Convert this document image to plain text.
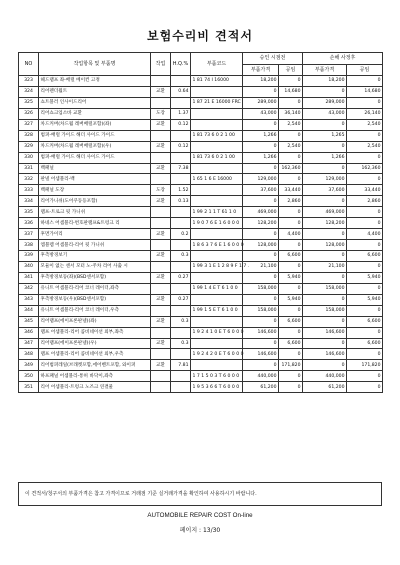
보험수리비 견적서
NO	작업항목 및 부품명	작업	H.Q.%	부품코드	승인 시점전		손해 사정후	
					부품가격	공임	부품가격	공임
323	헤드램프 좌-배럴 베이컨 고정			1 81 74 I 16000	18,200	0	18,200	0
324	리어펜더월트	교환	0.64		0	14,680	0	14,680
325	쇼트블러 인사이드리어			1 87 21 E 16000 FRC	289,000	0	289,000	0
326	리어쇼크업소바 교환	도장	1.37		43,000	36,140	43,000	26,140
327	차드커버(차드월 레버배럴포함)(좌)	교환	0.12		0	2,540	0	2,540
328	범퍼-배럴 가이드 해더 사이드 가이드			1 81 73 6 0 2 1 00	1,266	0	1,265	0
329	차드커버(차드월 레버배럴포함)(우)	교환	0.12		0	2,540	0	2,540
330	범퍼-배럴 가이드 해더 사이드 가이드			1 81 73 6 0 2 1 00	1,266	0	1,266	0
331	백패널	교환	7.38		0	162,360	0	162,360
332	판넬 어셈블리-백			1 65 1 6 E 16000	129,000	0	129,000	0
333	백패널 도장	도장	1.52		37,600	33,440	37,600	33,440
334	리어가니쉬(도어쿠동등포함)	교환	0.13		0	2,860	0	2,860
335	램프-트로크 뒷 가니쉬			1 99 2 1 1 T 61 1 0	469,000	0	469,000	0
336	하네스 어셈블리-번호판램프&트렁크 리			1 9 0 7 6 E 1 6 0 0 0	128,200	0	128,200	0
337	후면가이리	교환	0.2		0	4,400	0	4,400
338	엠블렘 어셈블리-리어 뒷 가니쉬			1 8 6 3 7 6 E 1 6 0 0 0	128,000	0	128,000	0
339	후측방경보기	교환	0.3		0	6,600	0	6,600
340	모듈이 없는 센서 모터 노-주차 리어 사출 시			1 99 3 1 E 1 2 8 9 F 1 7 .	21,100	0	21,100	0
341	후측방경보등(좌)(BSD센서포함)	교환	0.27		0	5,940	0	5,940
342	유니트 어셈블리-리어 코너 레이더,좌측			1 99 1 4 E T 6 1 0 0	158,000	0	158,000	0
343	후측방경보등(우)(BSD센서포함)	교환	0.27		0	5,940	0	5,940
344	유니트 어셈블리-리어 코너 레이더,우측			1 99 1 5 E T 6 1 0 0	158,000	0	158,000	0
345	리어램프(에이프론판넬)(좌)	교환	0.3		0	6,600	0	6,600
346	램프 어셈블리-리어 콤비네이션 외부,좌측			1 9 2 4 1 0 E T 6 0 0 0	146,600	0	146,600	0
347	리어램프(에이프론판넬)(우)	교환	0.3		0	6,600	0	6,600
348	램프 어셈블리-리어 콤비네이션 외부,우측			1 9 2 4 2 0 E T 6 0 0 0	146,600	0	146,600	0
349	리어범퍼레일(브래켓포함,에어벤트포함, 와이퍼	교환	7.81		0	171,820	0	171,820
350	하프패널 어셈블리-통허 바닥이,좌측			1 7 1 5 0 3 T 6 0 0 0	440,000	0	440,000	0
351	리어 어셈블리-트렁크 노즈크 연결물			1 9 5 3 6 6 T 6 0 0 0	61,200	0	61,200	0
이 견적서/청구서의 부품가격은 참고 가격이므로 거래점 기준 실거래가격을 확인하여 사용하시기 바랍니다.
AUTOMOBILE REPAIR COST On-line
페이지 : 13/30
